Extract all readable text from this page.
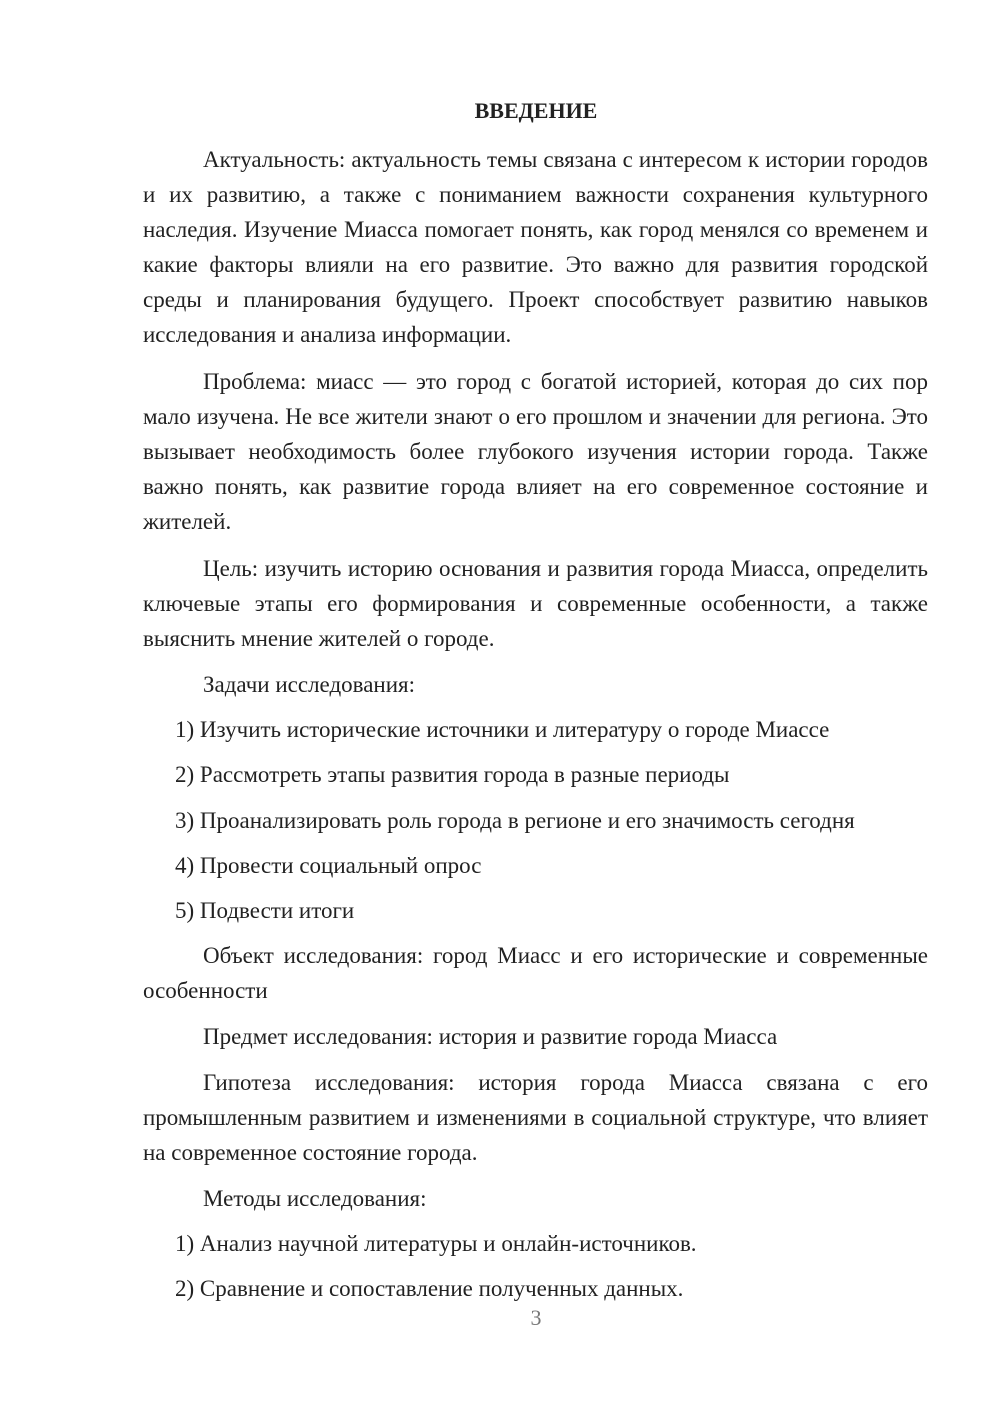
ВВЕДЕНИЕ

Актуальность: актуальность темы связана с интересом к истории городов и их развитию, а также с пониманием важности сохранения культурного наследия. Изучение Миасса помогает понять, как город менялся со временем и какие факторы влияли на его развитие. Это важно для развития городской среды и планирования будущего. Проект способствует развитию навыков исследования и анализа информации.

Проблема: миасс — это город с богатой историей, которая до сих пор мало изучена. Не все жители знают о его прошлом и значении для региона. Это вызывает необходимость более глубокого изучения истории города. Также важно понять, как развитие города влияет на его современное состояние и жителей.

Цель: изучить историю основания и развития города Миасса, определить ключевые этапы его формирования и современные особенности, а также выяснить мнение жителей о городе.

Задачи исследования:

1) Изучить исторические источники и литературу о городе Миассе

2) Рассмотреть этапы развития города в разные периоды

3) Проанализировать роль города в регионе и его значимость сегодня

4) Провести социальный опрос

5) Подвести итоги

Объект исследования: город Миасс и его исторические и современные особенности

Предмет исследования: история и развитие города Миасса

Гипотеза исследования: история города Миасса связана с его промышленным развитием и изменениями в социальной структуре, что влияет на современное состояние города.

Методы исследования:

1) Анализ научной литературы и онлайн-источников.

2) Сравнение и сопоставление полученных данных.

3
